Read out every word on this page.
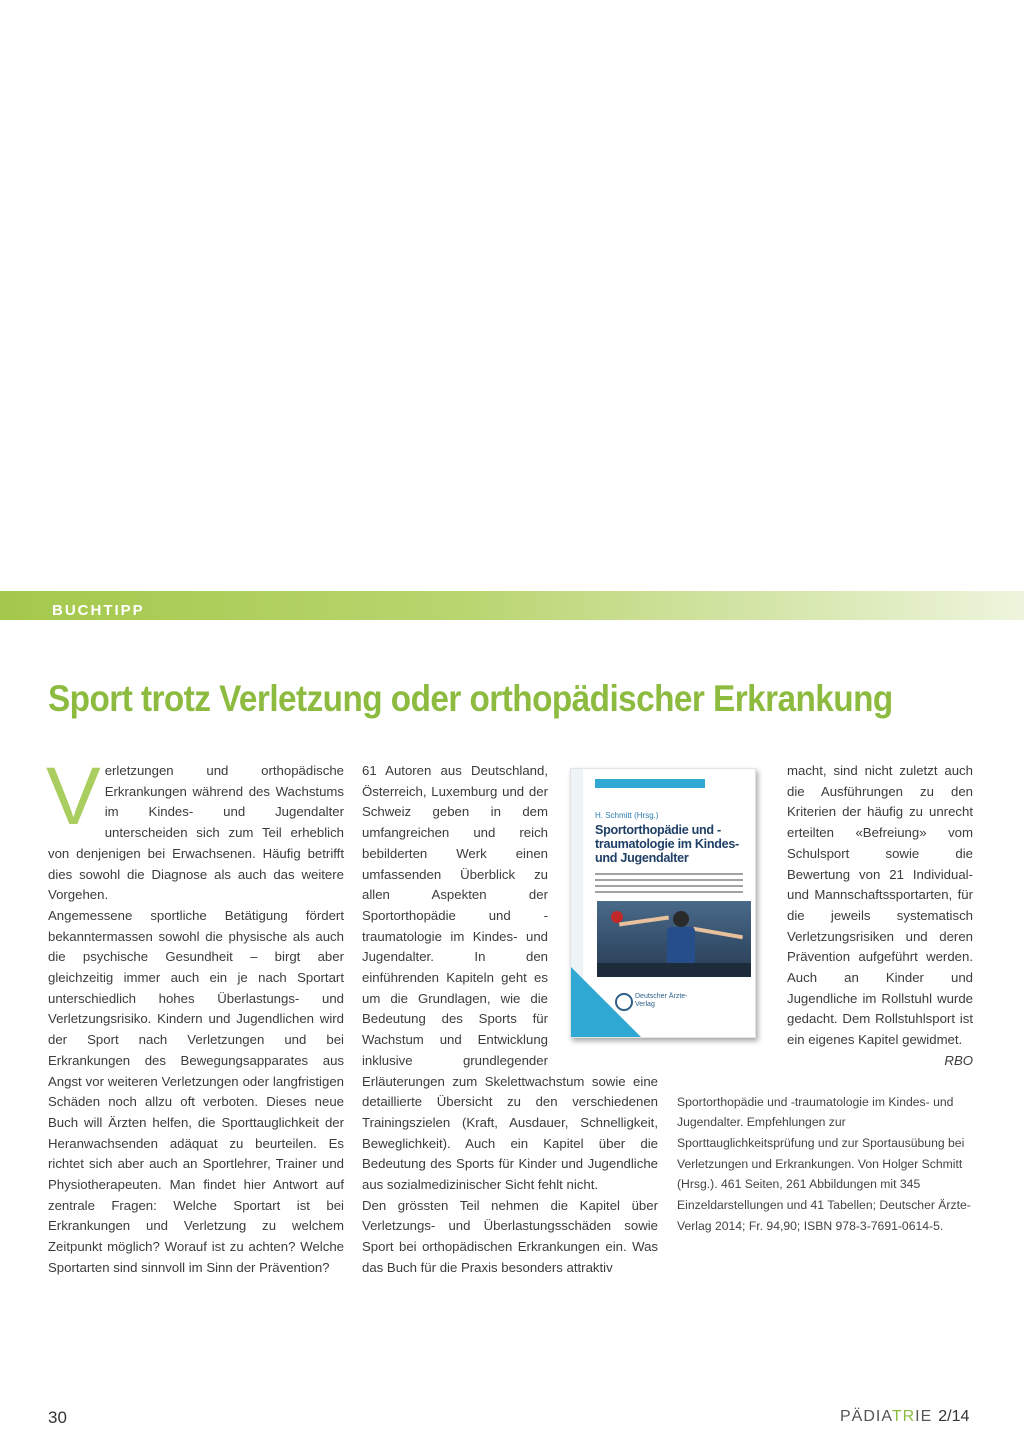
BUCHTIPP
Sport trotz Verletzung oder orthopädischer Erkrankung

Verletzungen und orthopädische Erkrankungen während des Wachstums im Kindes- und Jugendalter unterscheiden sich zum Teil erheblich von denjenigen bei Erwachsenen. Häufig betrifft dies sowohl die Diagnose als auch das weitere Vorgehen.

Angemessene sportliche Betätigung fördert bekanntermassen sowohl die physische als auch die psychische Gesundheit – birgt aber gleichzeitig immer auch ein je nach Sportart unterschiedlich hohes Überlastungs- und Verletzungsrisiko. Kindern und Jugendlichen wird der Sport nach Verletzungen und bei Erkrankungen des Bewegungsapparates aus Angst vor weiteren Verletzungen oder langfristigen Schäden noch allzu oft verboten. Dieses neue Buch will Ärzten helfen, die Sporttauglichkeit der Heranwachsenden adäquat zu beurteilen. Es richtet sich aber auch an Sportlehrer, Trainer und Physiotherapeuten. Man findet hier Antwort auf zentrale Fragen: Welche Sportart ist bei Erkrankungen und Verletzung zu welchem Zeitpunkt möglich? Worauf ist zu achten? Welche Sportarten sind sinnvoll im Sinn der Prävention?

61 Autoren aus Deutschland, Österreich, Luxemburg und der Schweiz geben in dem umfangreichen und reich bebilderten Werk einen umfassenden Überblick zu allen Aspekten der Sportorthopädie und -traumatologie im Kindes- und Jugendalter. In den einführenden Kapiteln geht es um die Grundlagen, wie die Bedeutung des Sports für Wachstum und Entwicklung inklusive grundlegender Erläuterungen zum Skelettwachstum sowie eine detaillierte Übersicht zu den verschiedenen Trainingszielen (Kraft, Ausdauer, Schnelligkeit, Beweglichkeit). Auch ein Kapitel über die Bedeutung des Sports für Kinder und Jugendliche aus sozialmedizinischer Sicht fehlt nicht.

Den grössten Teil nehmen die Kapitel über Verletzungs- und Überlastungsschäden sowie Sport bei orthopädischen Erkrankungen ein. Was das Buch für die Praxis besonders attraktiv

macht, sind nicht zuletzt auch die Ausführungen zu den Kriterien der häufig zu unrecht erteilten «Befreiung» vom Schulsport sowie die Bewertung von 21 Individual- und Mannschaftssportarten, für die jeweils systematisch Verletzungsrisiken und deren Prävention aufgeführt werden. Auch an Kinder und Jugendliche im Rollstuhl wurde gedacht. Dem Rollstuhlsport ist ein eigenes Kapitel gewidmet.

RBO

Sportorthopädie und -traumatologie im Kindes- und Jugendalter. Empfehlungen zur Sporttauglichkeitsprüfung und zur Sportausübung bei Verletzungen und Erkrankungen. Von Holger Schmitt (Hrsg.). 461 Seiten, 261 Abbildungen mit 345 Einzeldarstellungen und 41 Tabellen; Deutscher Ärzte-Verlag 2014; Fr. 94,90; ISBN 978-3-7691-0614-5.

H. Schmitt (Hrsg.)
Sportorthopädie und -traumatologie im Kindes- und Jugendalter
Deutscher Ärzte-Verlag
30	PÄDIATRIE 2/14
